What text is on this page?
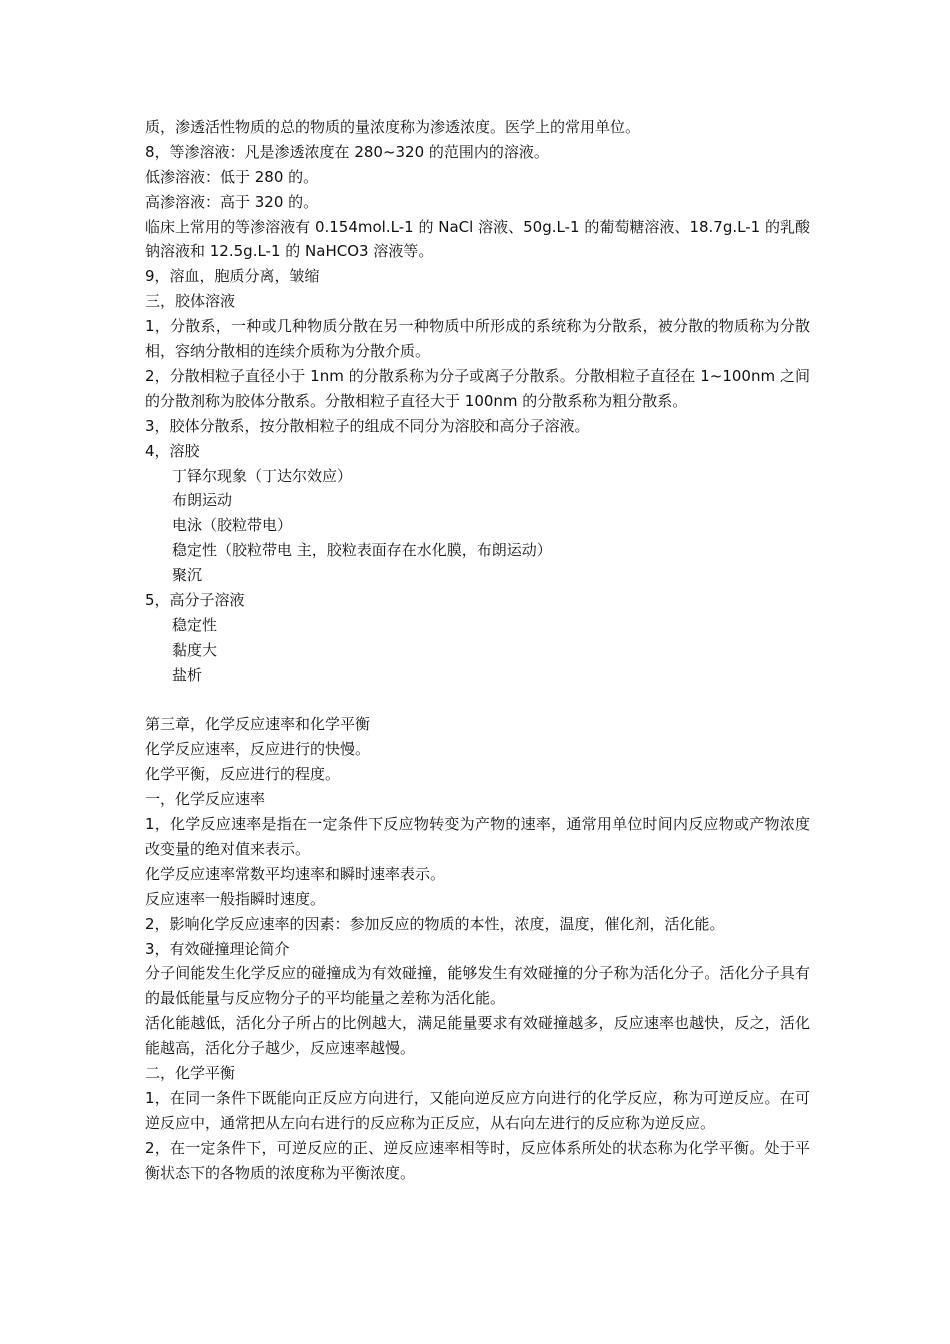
质，渗透活性物质的总的物质的量浓度称为渗透浓度。医学上的常用单位。
8，等渗溶液：凡是渗透浓度在 280~320 的范围内的溶液。
低渗溶液：低于 280 的。
高渗溶液：高于 320 的。
临床上常用的等渗溶液有 0.154mol.L-1 的 NaCl 溶液、50g.L-1 的葡萄糖溶液、18.7g.L-1 的乳酸钠溶液和 12.5g.L-1 的 NaHCO3 溶液等。
9，溶血，胞质分离，皱缩
三，胶体溶液
1，分散系，一种或几种物质分散在另一种物质中所形成的系统称为分散系，被分散的物质称为分散相，容纳分散相的连续介质称为分散介质。
2，分散相粒子直径小于 1nm 的分散系称为分子或离子分散系。分散相粒子直径在 1~100nm 之间的分散剂称为胶体分散系。分散相粒子直径大于 100nm 的分散系称为粗分散系。
3，胶体分散系，按分散相粒子的组成不同分为溶胶和高分子溶液。
4，溶胶
丁铎尔现象（丁达尔效应）
布朗运动
电泳（胶粒带电）
稳定性（胶粒带电 主，胶粒表面存在水化膜，布朗运动）
聚沉
5，高分子溶液
稳定性
黏度大
盐析
第三章，化学反应速率和化学平衡
化学反应速率，反应进行的快慢。
化学平衡，反应进行的程度。
一，化学反应速率
1，化学反应速率是指在一定条件下反应物转变为产物的速率，通常用单位时间内反应物或产物浓度改变量的绝对值来表示。
化学反应速率常数平均速率和瞬时速率表示。
反应速率一般指瞬时速度。
2，影响化学反应速率的因素：参加反应的物质的本性，浓度，温度，催化剂，活化能。
3，有效碰撞理论简介
分子间能发生化学反应的碰撞成为有效碰撞，能够发生有效碰撞的分子称为活化分子。活化分子具有的最低能量与反应物分子的平均能量之差称为活化能。
活化能越低，活化分子所占的比例越大，满足能量要求有效碰撞越多，反应速率也越快，反之，活化能越高，活化分子越少，反应速率越慢。
二，化学平衡
1，在同一条件下既能向正反应方向进行，又能向逆反应方向进行的化学反应，称为可逆反应。在可逆反应中，通常把从左向右进行的反应称为正反应，从右向左进行的反应称为逆反应。
2，在一定条件下，可逆反应的正、逆反应速率相等时，反应体系所处的状态称为化学平衡。处于平衡状态下的各物质的浓度称为平衡浓度。
